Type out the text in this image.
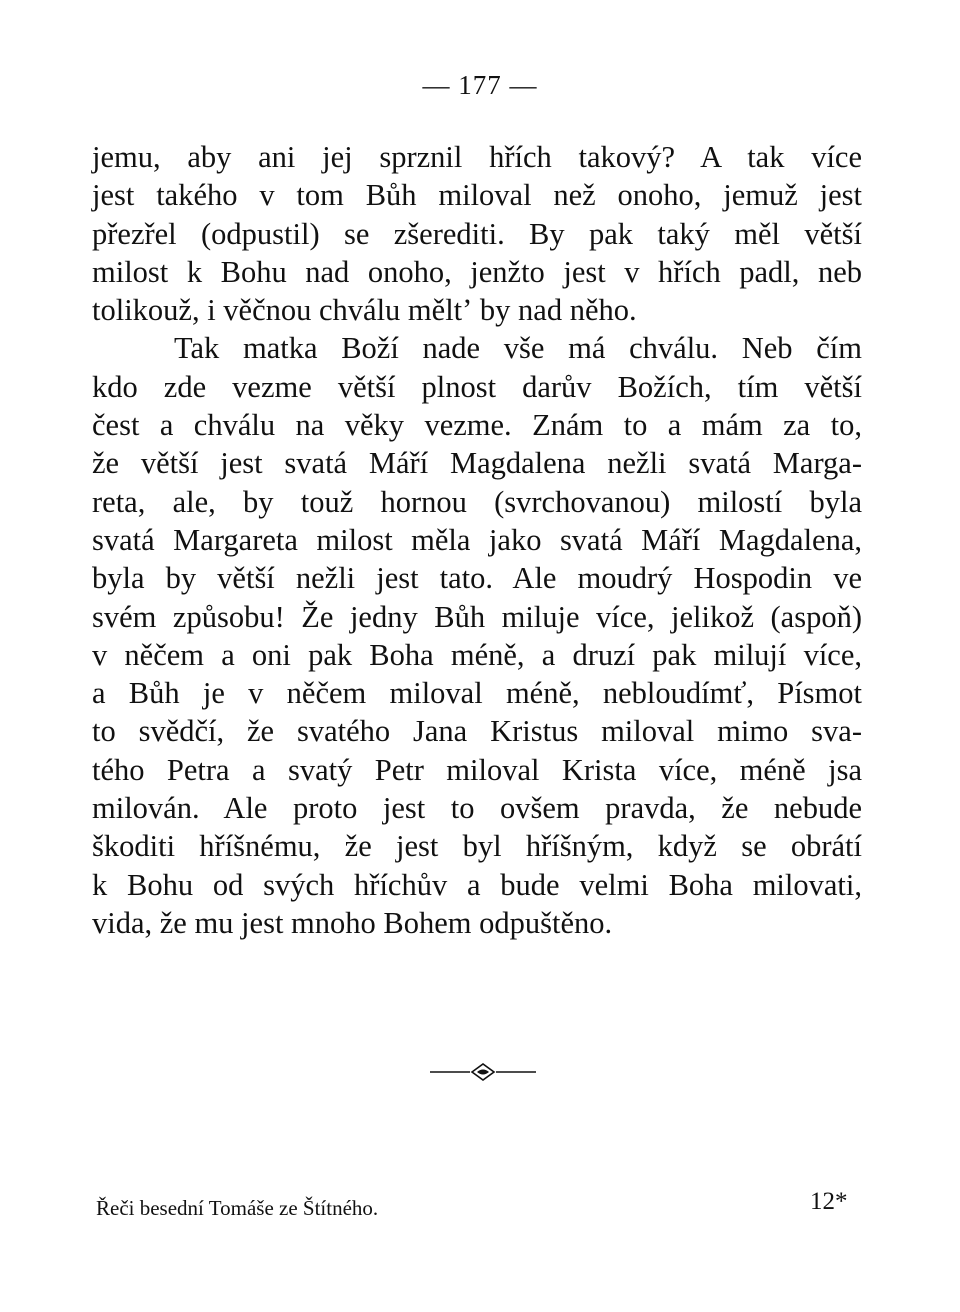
— 177 —
jemu, aby ani jej sprznil hřích takový? A tak více
jest takého v tom Bůh miloval než onoho, jemuž jest
přezřel (odpustil) se zšerediti. By pak taký měl větší
milost k Bohu nad onoho, jenžto jest v hřích padl, neb
tolikouž, i věčnou chválu měltʼ by nad něho.
Tak matka Boží nade vše má chválu. Neb čím
kdo zde vezme větší plnost darův Božích, tím větší
čest a chválu na věky vezme. Znám to a mám za to,
že větší jest svatá Máří Magdalena nežli svatá Marga-
reta, ale, by touž hornou (svrchovanou) milostí byla
svatá Margareta milost měla jako svatá Máří Magdalena,
byla by větší nežli jest tato. Ale moudrý Hospodin ve
svém způsobu! Že jedny Bůh miluje více, jelikož (aspoň)
v něčem a oni pak Boha méně, a druzí pak milují více,
a Bůh je v něčem miloval méně, nebloudímť, Písmot
to svědčí, že svatého Jana Kristus miloval mimo sva-
tého Petra a svatý Petr miloval Krista více, méně jsa
milován. Ale proto jest to ovšem pravda, že nebude
škoditi hříšnému, že jest byl hříšným, když se obrátí
k Bohu od svých hříchův a bude velmi Boha milovati,
vida, že mu jest mnoho Bohem odpuštěno.
Řeči besední Tomáše ze Štítného.	12*
